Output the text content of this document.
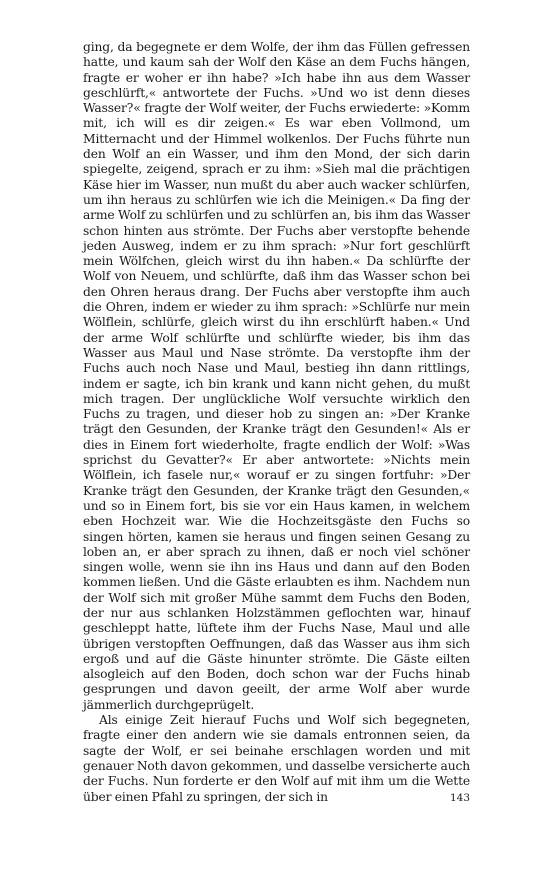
ging, da begegnete er dem Wolfe, der ihm das Füllen gefressen hatte, und kaum sah der Wolf den Käse an dem Fuchs hängen, fragte er woher er ihn habe? »Ich habe ihn aus dem Wasser geschlürft,« antwortete der Fuchs. »Und wo ist denn dieses Wasser?« fragte der Wolf weiter, der Fuchs erwiederte: »Komm mit, ich will es dir zeigen.« Es war eben Vollmond, um Mitternacht und der Himmel wolkenlos. Der Fuchs führte nun den Wolf an ein Wasser, und ihm den Mond, der sich darin spiegelte, zeigend, sprach er zu ihm: »Sieh mal die prächtigen Käse hier im Wasser, nun mußt du aber auch wacker schlürfen, um ihn heraus zu schlürfen wie ich die Meinigen.« Da fing der arme Wolf zu schlürfen und zu schlürfen an, bis ihm das Wasser schon hinten aus strömte. Der Fuchs aber verstopfte behende jeden Ausweg, indem er zu ihm sprach: »Nur fort geschlürft mein Wölfchen, gleich wirst du ihn haben.« Da schlürfte der Wolf von Neuem, und schlürfte, daß ihm das Wasser schon bei den Ohren heraus drang. Der Fuchs aber verstopfte ihm auch die Ohren, indem er wieder zu ihm sprach: »Schlürfe nur mein Wölflein, schlürfe, gleich wirst du ihn erschlürft haben.« Und der arme Wolf schlürfte und schlürfte wieder, bis ihm das Wasser aus Maul und Nase strömte. Da verstopfte ihm der Fuchs auch noch Nase und Maul, bestieg ihn dann rittlings, indem er sagte, ich bin krank und kann nicht gehen, du mußt mich tragen. Der unglückliche Wolf versuchte wirklich den Fuchs zu tragen, und dieser hob zu singen an: »Der Kranke trägt den Gesunden, der Kranke trägt den Gesunden!« Als er dies in Einem fort wiederholte, fragte endlich der Wolf: »Was sprichst du Gevatter?« Er aber antwortete: »Nichts mein Wölflein, ich fasele nur,« worauf er zu singen fortfuhr: »Der Kranke trägt den Gesunden, der Kranke trägt den Gesunden,« und so in Einem fort, bis sie vor ein Haus kamen, in welchem eben Hochzeit war. Wie die Hochzeitsgäste den Fuchs so singen hörten, kamen sie heraus und fingen seinen Gesang zu loben an, er aber sprach zu ihnen, daß er noch viel schöner singen wolle, wenn sie ihn ins Haus und dann auf den Boden kommen ließen. Und die Gäste erlaubten es ihm. Nachdem nun der Wolf sich mit großer Mühe sammt dem Fuchs den Boden, der nur aus schlanken Holzstämmen geflochten war, hinauf geschleppt hatte, lüftete ihm der Fuchs Nase, Maul und alle übrigen verstopften Oeffnungen, daß das Wasser aus ihm sich ergoß und auf die Gäste hinunter strömte. Die Gäste eilten alsogleich auf den Boden, doch schon war der Fuchs hinab gesprungen und davon geeilt, der arme Wolf aber wurde jämmerlich durchgeprügelt.

Als einige Zeit hierauf Fuchs und Wolf sich begegneten, fragte einer den andern wie sie damals entronnen seien, da sagte der Wolf, er sei beinahe erschlagen worden und mit genauer Noth davon gekommen, und dasselbe versicherte auch der Fuchs. Nun forderte er den Wolf auf mit ihm um die Wette über einen Pfahl zu springen, der sich in	143
